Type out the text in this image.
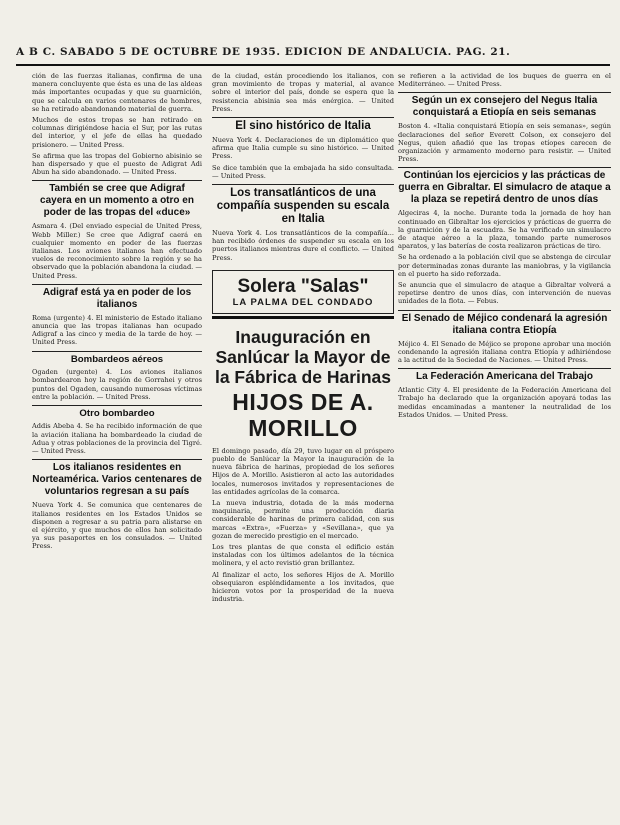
A B C. SABADO 5 DE OCTUBRE DE 1935. EDICION DE ANDALUCIA. PAG. 21.

ción de las fuerzas italianas, confirma de una manera concluyente que ésta es una de las aldeas más importantes ocupadas y que su guarnición, que se calcula en varios centenares de hombres, se ha retirado abandonando material de guerra.

Muchos de estos tropas se han retirado en columnas dirigiéndose hacia el Sur, por las rutas del interior, y el jefe de ellas ha quedado prisionero. — United Press.

Se afirma que las tropas del Gobierno abisinio se han dispersado y que el puesto de Adigrat Adi Abun ha sido abandonado. — United Press.

También se cree que Adigraf cayera en un momento a otro en poder de las tropas del «duce»

Asmara 4. (Del enviado especial de United Press, Webb Miller.) Se cree que Adigraf caerá en cualquier momento en poder de las fuerzas italianas. Los aviones italianos han efectuado vuelos de reconocimiento sobre la región y se ha observado que la población abandona la ciudad. — United Press.

Adigraf está ya en poder de los italianos

Roma (urgente) 4. El ministerio de Estado italiano anuncia que las tropas italianas han ocupado Adigraf a las cinco y media de la tarde de hoy. — United Press.

Bombardeos aéreos

Ogaden (urgente) 4. Los aviones italianos bombardearon hoy la región de Gorrahei y otros puntos del Ogaden, causando numerosas víctimas entre la población. — United Press.

Otro bombardeo

Addis Abeba 4. Se ha recibido información de que la aviación italiana ha bombardeado la ciudad de Adua y otras poblaciones de la provincia del Tigré. — United Press.

Los italianos residentes en Norteamérica. Varios centenares de voluntarios regresan a su país

Nueva York 4. Se comunica que centenares de italianos residentes en los Estados Unidos se disponen a regresar a su patria para alistarse en el ejército, y que muchos de ellos han solicitado ya sus pasaportes en los consulados. — United Press.

de la ciudad, están procediendo los italianos, con gran movimiento de tropas y material, al avance sobre el interior del país, donde se espera que la resistencia abisinia sea más enérgica. — United Press.

El sino histórico de Italia

Nueva York 4. Declaraciones de un diplomático que afirma que Italia cumple su sino histórico. — United Press.

Se dice también que la embajada ha sido consultada. — United Press.

Los transatlánticos de una compañía suspenden su escala en Italia

Nueva York 4. Los transatlánticos de la compañía... han recibido órdenes de suspender su escala en los puertos italianos mientras dure el conflicto. — United Press.

Solera "Salas"

LA PALMA DEL CONDADO

Inauguración en Sanlúcar la Mayor de la Fábrica de Harinas
HIJOS DE A. MORILLO

El domingo pasado, día 29, tuvo lugar en el próspero pueblo de Sanlúcar la Mayor la inauguración de la nueva fábrica de harinas, propiedad de los señores Hijos de A. Morillo. Asistieron al acto las autoridades locales, numerosos invitados y representaciones de las entidades agrícolas de la comarca.

La nueva industria, dotada de la más moderna maquinaria, permite una producción diaria considerable de harinas de primera calidad, con sus marcas «Extra», «Fuerza» y «Sevillana», que ya gozan de merecido prestigio en el mercado.

Los tres plantas de que consta el edificio están instaladas con los últimos adelantos de la técnica molinera, y el acto revistió gran brillantez.

Al finalizar el acto, los señores Hijos de A. Morillo obsequiaron espléndidamente a los invitados, que hicieron votos por la prosperidad de la nueva industria.

se refieren a la actividad de los buques de guerra en el Mediterráneo. — United Press.

Según un ex consejero del Negus Italia conquistará a Etiopía en seis semanas

Boston 4. «Italia conquistará Etiopía en seis semanas», según declaraciones del señor Everett Colson, ex consejero del Negus, quien añadió que las tropas etíopes carecen de organización y armamento moderno para resistir. — United Press.

Continúan los ejercicios y las prácticas de guerra en Gibraltar. El simulacro de ataque a la plaza se repetirá dentro de unos días

Algeciras 4, la noche. Durante toda la jornada de hoy han continuado en Gibraltar los ejercicios y prácticas de guerra de la guarnición y de la escuadra. Se ha verificado un simulacro de ataque aéreo a la plaza, tomando parte numerosos aparatos, y las baterías de costa realizaron prácticas de tiro.

Se ha ordenado a la población civil que se abstenga de circular por determinadas zonas durante las maniobras, y la vigilancia en el puerto ha sido reforzada.

Se anuncia que el simulacro de ataque a Gibraltar volverá a repetirse dentro de unos días, con intervención de nuevas unidades de la flota. — Febus.

El Senado de Méjico condenará la agresión italiana contra Etiopía

Méjico 4. El Senado de Méjico se propone aprobar una moción condenando la agresión italiana contra Etiopía y adhiriéndose a la actitud de la Sociedad de Naciones. — United Press.

La Federación Americana del Trabajo

Atlantic City 4. El presidente de la Federación Americana del Trabajo ha declarado que la organización apoyará todas las medidas encaminadas a mantener la neutralidad de los Estados Unidos. — United Press.
